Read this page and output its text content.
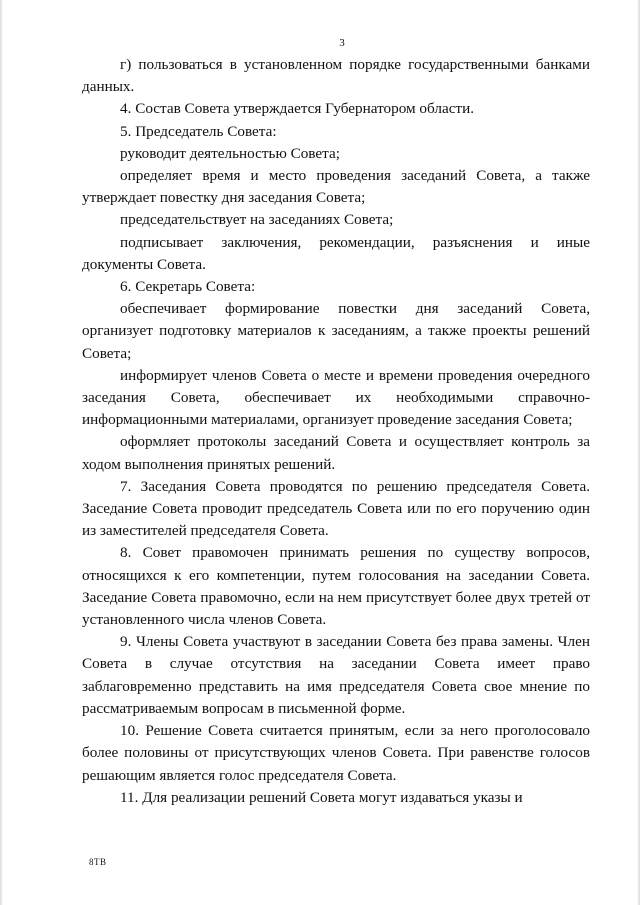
3

г) пользоваться в установленном порядке государственными банками данных.

4. Состав Совета утверждается Губернатором области.

5. Председатель Совета:

руководит деятельностью Совета;

определяет время и место проведения заседаний Совета, а также утверждает повестку дня заседания Совета;

председательствует на заседаниях Совета;

подписывает заключения, рекомендации, разъяснения и иные документы Совета.

6. Секретарь Совета:

обеспечивает формирование повестки дня заседаний Совета, организует подготовку материалов к заседаниям, а также проекты решений Совета;

информирует членов Совета о месте и времени проведения очередного заседания Совета, обеспечивает их необходимыми справочно-информационными материалами, организует проведение заседания Совета;

оформляет протоколы заседаний Совета и осуществляет контроль за ходом выполнения принятых решений.

7. Заседания Совета проводятся по решению председателя Совета. Заседание Совета проводит председатель Совета или по его поручению один из заместителей председателя Совета.

8. Совет правомочен принимать решения по существу вопросов, относящихся к его компетенции, путем голосования на заседании Совета. Заседание Совета правомочно, если на нем присутствует более двух третей от установленного числа членов Совета.

9. Члены Совета участвуют в заседании Совета без права замены. Член Совета в случае отсутствия на заседании Совета имеет право заблаговременно представить на имя председателя Совета свое мнение по рассматриваемым вопросам в письменной форме.

10. Решение Совета считается принятым, если за него проголосовало более половины от присутствующих членов Совета. При равенстве голосов решающим является голос председателя Совета.

11. Для реализации решений Совета могут издаваться указы и

8ТВ
